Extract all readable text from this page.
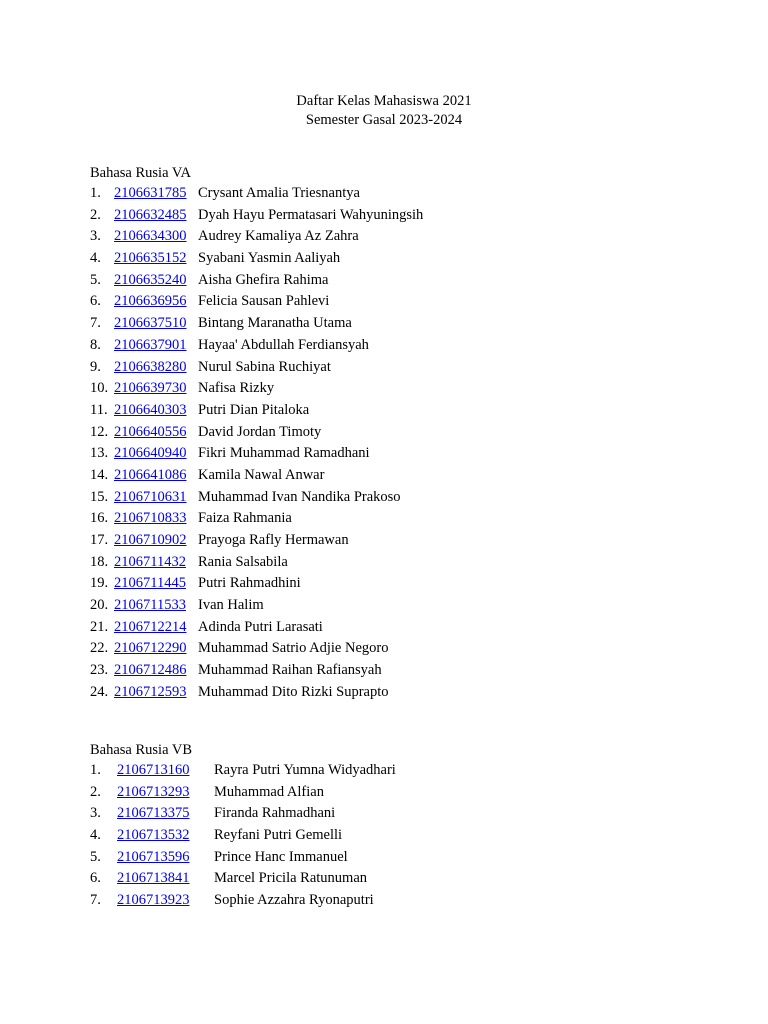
Daftar Kelas Mahasiswa 2021
Semester Gasal 2023-2024
Bahasa Rusia VA
1. 2106631785 Crysant Amalia Triesnantya
2. 2106632485 Dyah Hayu Permatasari Wahyuningsih
3. 2106634300 Audrey Kamaliya Az Zahra
4. 2106635152 Syabani Yasmin Aaliyah
5. 2106635240 Aisha Ghefira Rahima
6. 2106636956 Felicia Sausan Pahlevi
7. 2106637510 Bintang Maranatha Utama
8. 2106637901 Hayaa' Abdullah Ferdiansyah
9. 2106638280 Nurul Sabina Ruchiyat
10. 2106639730 Nafisa Rizky
11. 2106640303 Putri Dian Pitaloka
12. 2106640556 David Jordan Timoty
13. 2106640940 Fikri Muhammad Ramadhani
14. 2106641086 Kamila Nawal Anwar
15. 2106710631 Muhammad Ivan Nandika Prakoso
16. 2106710833 Faiza Rahmania
17. 2106710902 Prayoga Rafly Hermawan
18. 2106711432 Rania Salsabila
19. 2106711445 Putri Rahmadhini
20. 2106711533 Ivan Halim
21. 2106712214 Adinda Putri Larasati
22. 2106712290 Muhammad Satrio Adjie Negoro
23. 2106712486 Muhammad Raihan Rafiansyah
24. 2106712593 Muhammad Dito Rizki Suprapto
Bahasa Rusia VB
1. 2106713160 Rayra Putri Yumna Widyadhari
2. 2106713293 Muhammad Alfian
3. 2106713375 Firanda Rahmadhani
4. 2106713532 Reyfani Putri Gemelli
5. 2106713596 Prince Hanc Immanuel
6. 2106713841 Marcel Pricila Ratunuman
7. 2106713923 Sophie Azzahra Ryonaputri
